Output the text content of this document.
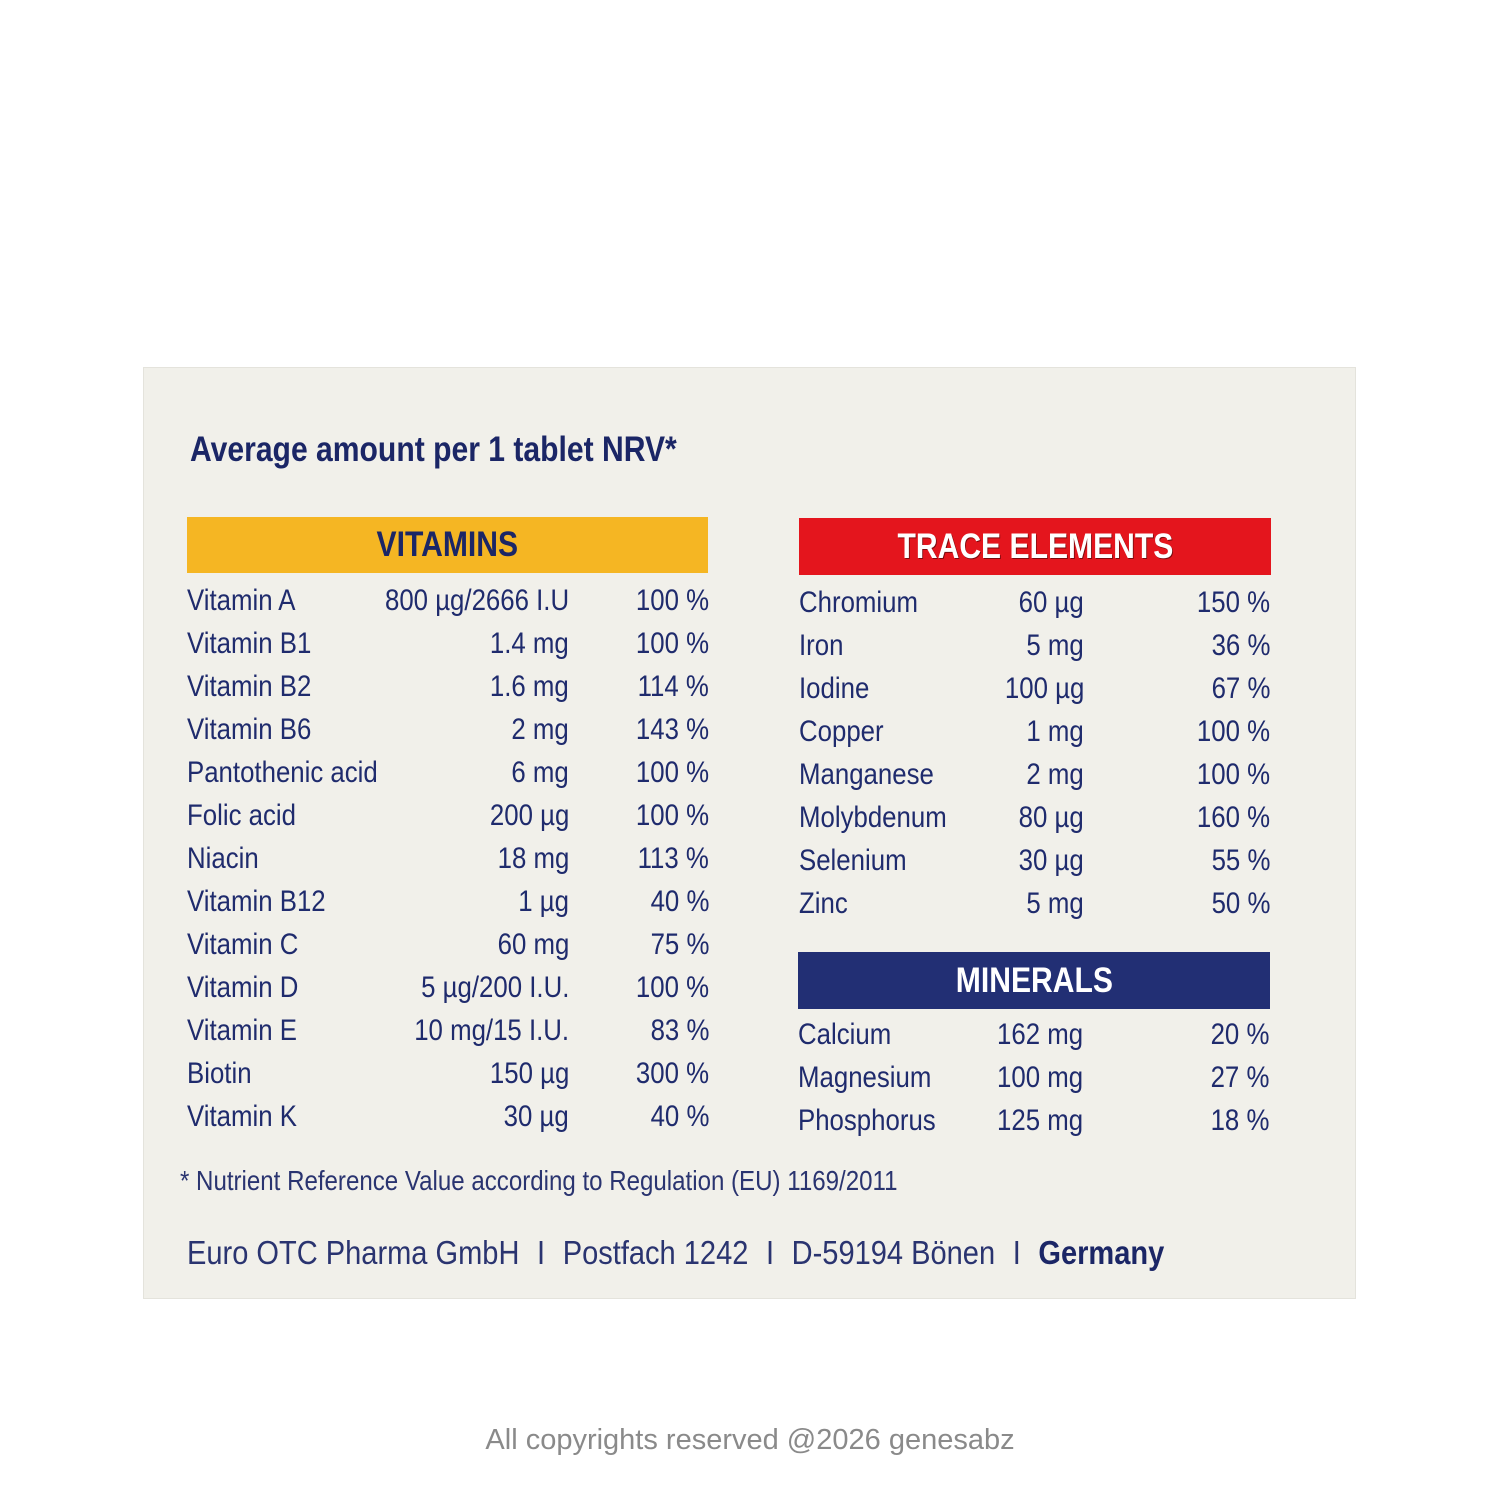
Average amount per 1 tablet NRV*
VITAMINS
Vitamin A	800 µg/2666 I.U 100 %
Vitamin B1	1.4 mg 100 %
Vitamin B2	1.6 mg 114 %
Vitamin B6	2 mg 143 %
Pantothenic acid	6 mg 100 %
Folic acid	200 µg 100 %
Niacin	18 mg 113 %
Vitamin B12	1 µg	40 %
Vitamin C	60 mg	75 %
Vitamin D	5 µg/200 I.U. 100 %
Vitamin E	10 mg/15 I.U.	83 %
Biotin	150 µg 300 %
Vitamin K	30 µg	40 %
TRACE ELEMENTS
Chromium	60 µg	150 %
Iron	5 mg	36 %
Iodine	100 µg	67 %
Copper	1 mg	100 %
Manganese	2 mg	100 %
Molybdenum 80 µg	160 %
Selenium	30 µg	55 %
Zinc	5 mg	50 %
MINERALS
Calcium	162 mg	20 %
Magnesium 100 mg	27 %
Phosphorus 125 mg	18 %
* Nutrient Reference Value according to Regulation (EU) 1169/2011
Euro OTC Pharma GmbH I Postfach 1242 I D-59194 Bönen I Germany
All copyrights reserved @2026 genesabz
